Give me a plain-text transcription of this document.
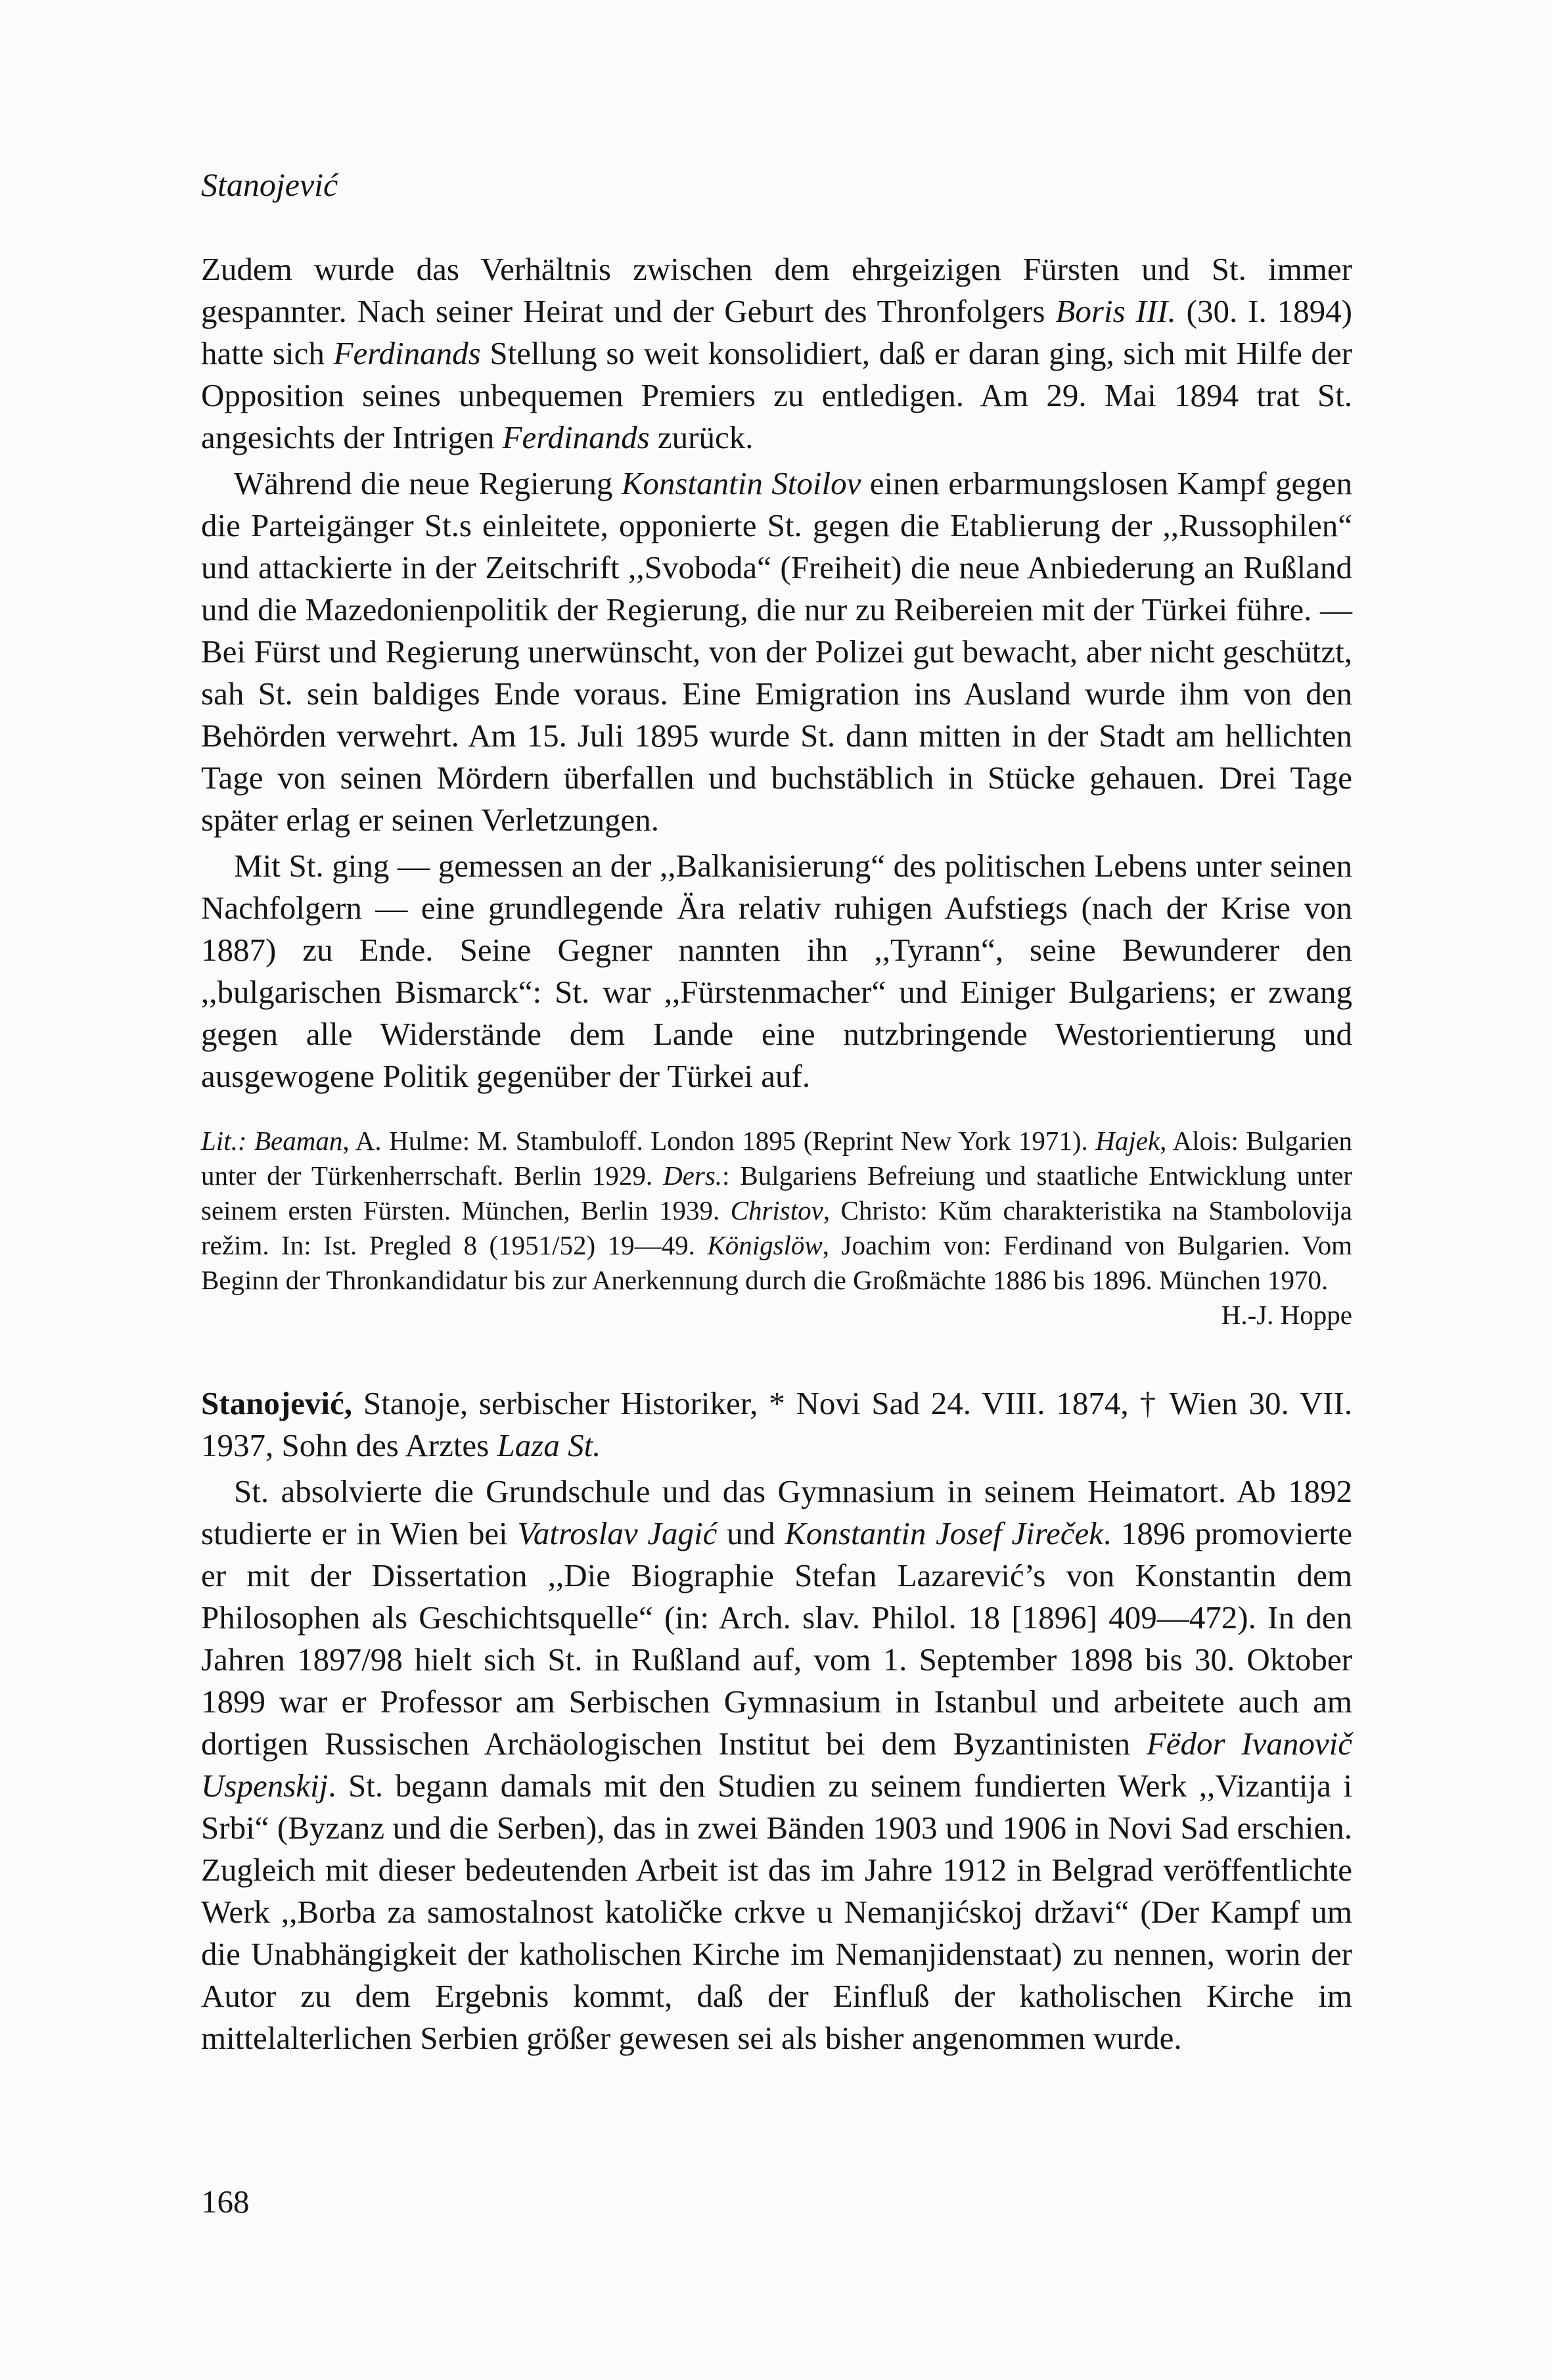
Stanojević

Zudem wurde das Verhältnis zwischen dem ehrgeizigen Fürsten und St. immer gespannter. Nach seiner Heirat und der Geburt des Thronfolgers Boris III. (30. I. 1894) hatte sich Ferdinands Stellung so weit konsolidiert, daß er daran ging, sich mit Hilfe der Opposition seines unbequemen Premiers zu entledigen. Am 29. Mai 1894 trat St. angesichts der Intrigen Ferdinands zurück.

Während die neue Regierung Konstantin Stoilov einen erbarmungslosen Kampf gegen die Parteigänger St.s einleitete, opponierte St. gegen die Etablierung der ,,Russophilen“ und attackierte in der Zeitschrift ,,Svoboda“ (Freiheit) die neue Anbiederung an Rußland und die Mazedonienpolitik der Regierung, die nur zu Reibereien mit der Türkei führe. — Bei Fürst und Regierung unerwünscht, von der Polizei gut bewacht, aber nicht geschützt, sah St. sein baldiges Ende voraus. Eine Emigration ins Ausland wurde ihm von den Behörden verwehrt. Am 15. Juli 1895 wurde St. dann mitten in der Stadt am hellichten Tage von seinen Mördern überfallen und buchstäblich in Stücke gehauen. Drei Tage später erlag er seinen Verletzungen.

Mit St. ging — gemessen an der ,,Balkanisierung“ des politischen Lebens unter seinen Nachfolgern — eine grundlegende Ära relativ ruhigen Aufstiegs (nach der Krise von 1887) zu Ende. Seine Gegner nannten ihn ,,Tyrann“, seine Bewunderer den ,,bulgarischen Bismarck“: St. war ,,Fürstenmacher“ und Einiger Bulgariens; er zwang gegen alle Widerstände dem Lande eine nutzbringende Westorientierung und ausgewogene Politik gegenüber der Türkei auf.

Lit.: Beaman, A. Hulme: M. Stambuloff. London 1895 (Reprint New York 1971). Hajek, Alois: Bulgarien unter der Türkenherrschaft. Berlin 1929. Ders.: Bulgariens Befreiung und staatliche Entwicklung unter seinem ersten Fürsten. München, Berlin 1939. Christov, Christo: Kŭm charakteristika na Stambolovija režim. In: Ist. Pregled 8 (1951/52) 19—49. Königslöw, Joachim von: Ferdinand von Bulgarien. Vom Beginn der Thronkandidatur bis zur Anerkennung durch die Großmächte 1886 bis 1896. München 1970.
H.-J. Hoppe

Stanojević, Stanoje, serbischer Historiker, * Novi Sad 24. VIII. 1874, † Wien 30. VII. 1937, Sohn des Arztes Laza St.

St. absolvierte die Grundschule und das Gymnasium in seinem Heimatort. Ab 1892 studierte er in Wien bei Vatroslav Jagić und Konstantin Josef Jireček. 1896 promovierte er mit der Dissertation ,,Die Biographie Stefan Lazarević’s von Konstantin dem Philosophen als Geschichtsquelle“ (in: Arch. slav. Philol. 18 [1896] 409—472). In den Jahren 1897/98 hielt sich St. in Rußland auf, vom 1. September 1898 bis 30. Oktober 1899 war er Professor am Serbischen Gymnasium in Istanbul und arbeitete auch am dortigen Russischen Archäologischen Institut bei dem Byzantinisten Fëdor Ivanovič Uspenskij. St. begann damals mit den Studien zu seinem fundierten Werk ,,Vizantija i Srbi“ (Byzanz und die Serben), das in zwei Bänden 1903 und 1906 in Novi Sad erschien. Zugleich mit dieser bedeutenden Arbeit ist das im Jahre 1912 in Belgrad veröffentlichte Werk ,,Borba za samostalnost katoličke crkve u Nemanjićskoj državi“ (Der Kampf um die Unabhängigkeit der katholischen Kirche im Nemanjidenstaat) zu nennen, worin der Autor zu dem Ergebnis kommt, daß der Einfluß der katholischen Kirche im mittelalterlichen Serbien größer gewesen sei als bisher angenommen wurde.

168
